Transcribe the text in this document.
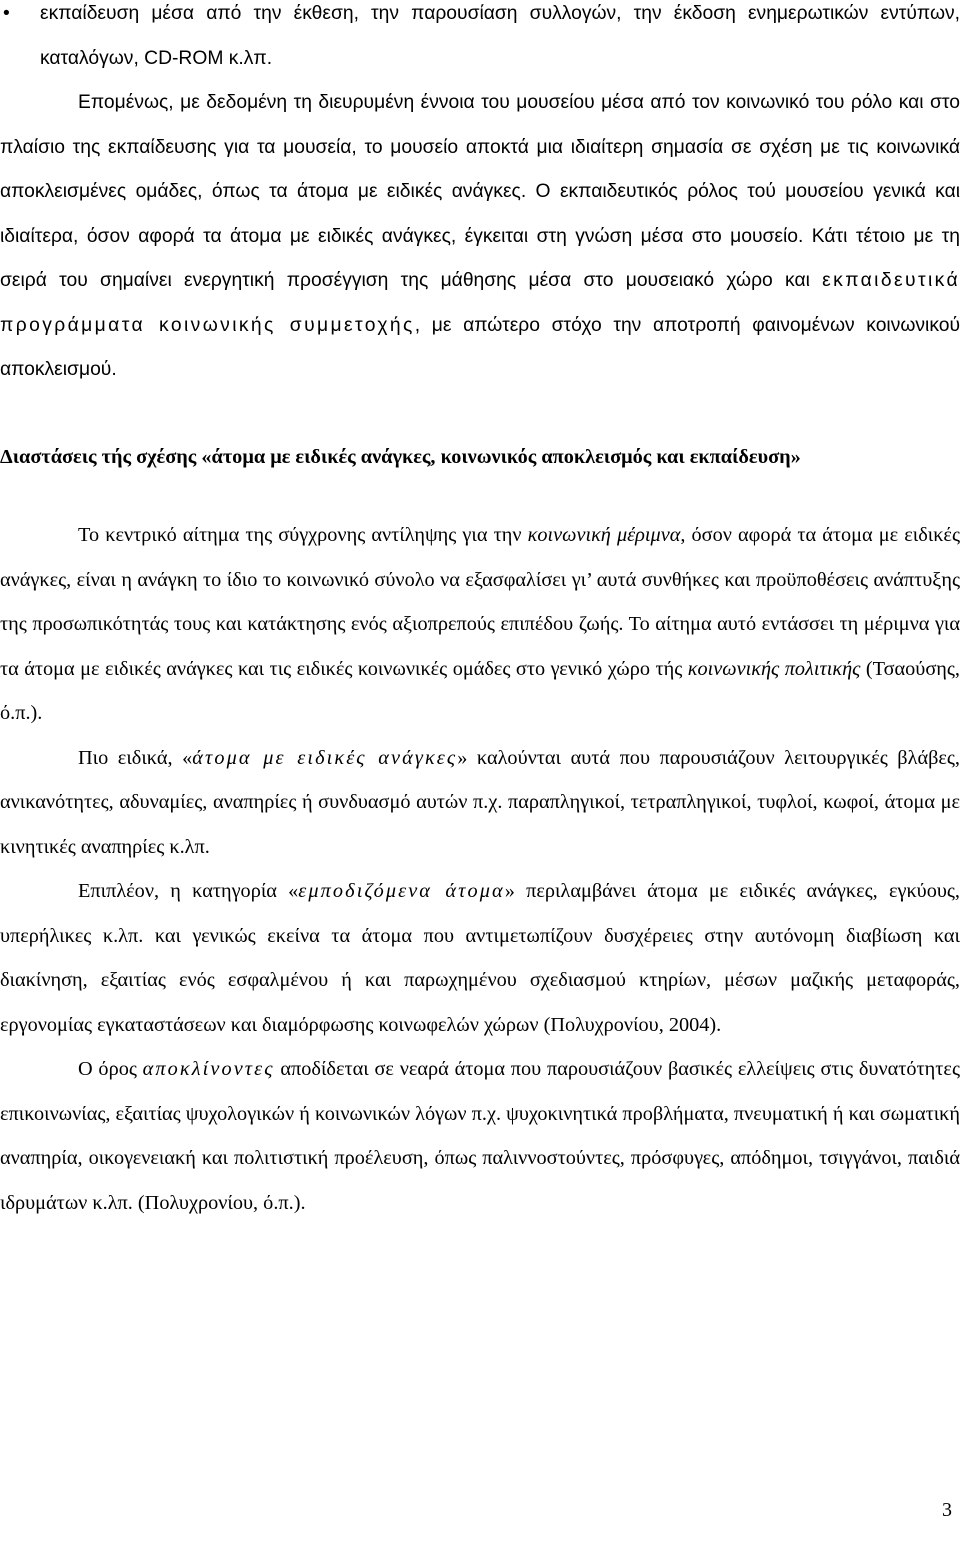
• εκπαίδευση μέσα από την έκθεση, την παρουσίαση συλλογών, την έκδοση ενημερωτικών εντύπων, καταλόγων, CD-ROM κ.λπ.

Επομένως, με δεδομένη τη διευρυμένη έννοια του μουσείου μέσα από τον κοινωνικό του ρόλο και στο πλαίσιο της εκπαίδευσης για τα μουσεία, το μουσείο αποκτά μια ιδιαίτερη σημασία σε σχέση με τις κοινωνικά αποκλεισμένες ομάδες, όπως τα άτομα με ειδικές ανάγκες. Ο εκπαιδευτικός ρόλος τού μουσείου γενικά και ιδιαίτερα, όσον αφορά τα άτομα με ειδικές ανάγκες, έγκειται στη γνώση μέσα στο μουσείο. Κάτι τέτοιο με τη σειρά του σημαίνει ενεργητική προσέγγιση της μάθησης μέσα στο μουσειακό χώρο και εκπαιδευτικά προγράμματα κοινωνικής συμμετοχής, με απώτερο στόχο την αποτροπή φαινομένων κοινωνικού αποκλεισμού.

Διαστάσεις τής σχέσης «άτομα με ειδικές ανάγκες, κοινωνικός αποκλεισμός και εκπαίδευση»

Το κεντρικό αίτημα της σύγχρονης αντίληψης για την κοινωνική μέριμνα, όσον αφορά τα άτομα με ειδικές ανάγκες, είναι η ανάγκη το ίδιο το κοινωνικό σύνολο να εξασφαλίσει γι’ αυτά συνθήκες και προϋποθέσεις ανάπτυξης της προσωπικότητάς τους και κατάκτησης ενός αξιοπρεπούς επιπέδου ζωής. Το αίτημα αυτό εντάσσει τη μέριμνα για τα άτομα με ειδικές ανάγκες και τις ειδικές κοινωνικές ομάδες στο γενικό χώρο τής κοινωνικής πολιτικής (Τσαούσης, ό.π.).

Πιο ειδικά, «άτομα με ειδικές ανάγκες» καλούνται αυτά που παρουσιάζουν λειτουργικές βλάβες, ανικανότητες, αδυναμίες, αναπηρίες ή συνδυασμό αυτών π.χ. παραπληγικοί, τετραπληγικοί, τυφλοί, κωφοί, άτομα με κινητικές αναπηρίες κ.λπ.

Επιπλέον, η κατηγορία «εμποδιζόμενα άτομα» περιλαμβάνει άτομα με ειδικές ανάγκες, εγκύους, υπερήλικες κ.λπ. και γενικώς εκείνα τα άτομα που αντιμετωπίζουν δυσχέρειες στην αυτόνομη διαβίωση και διακίνηση, εξαιτίας ενός εσφαλμένου ή και παρωχημένου σχεδιασμού κτηρίων, μέσων μαζικής μεταφοράς, εργονομίας εγκαταστάσεων και διαμόρφωσης κοινωφελών χώρων (Πολυχρονίου, 2004).

Ο όρος αποκλίνοντες αποδίδεται σε νεαρά άτομα που παρουσιάζουν βασικές ελλείψεις στις δυνατότητες επικοινωνίας, εξαιτίας ψυχολογικών ή κοινωνικών λόγων π.χ. ψυχοκινητικά προβλήματα, πνευματική ή και σωματική αναπηρία, οικογενειακή και πολιτιστική προέλευση, όπως παλιννοστούντες, πρόσφυγες, απόδημοι, τσιγγάνοι, παιδιά ιδρυμάτων κ.λπ. (Πολυχρονίου, ό.π.).

3
